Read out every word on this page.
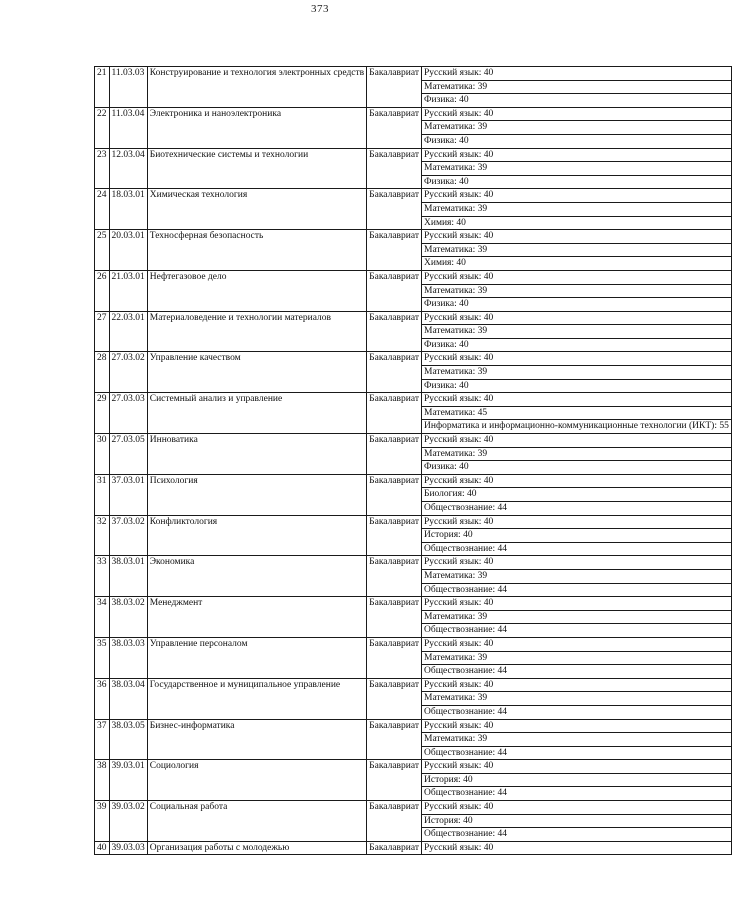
373
21	11.03.03	Конструирование и технология электронных средств	Бакалавриат	Русский язык: 40
				Математика: 39
				Физика: 40
22	11.03.04	Электроника и наноэлектроника	Бакалавриат	Русский язык: 40
				Математика: 39
				Физика: 40
23	12.03.04	Биотехнические системы и технологии	Бакалавриат	Русский язык: 40
				Математика: 39
				Физика: 40
24	18.03.01	Химическая технология	Бакалавриат	Русский язык: 40
				Математика: 39
				Химия: 40
25	20.03.01	Техносферная безопасность	Бакалавриат	Русский язык: 40
				Математика: 39
				Химия: 40
26	21.03.01	Нефтегазовое дело	Бакалавриат	Русский язык: 40
				Математика: 39
				Физика: 40
27	22.03.01	Материаловедение и технологии материалов	Бакалавриат	Русский язык: 40
				Математика: 39
				Физика: 40
28	27.03.02	Управление качеством	Бакалавриат	Русский язык: 40
				Математика: 39
				Физика: 40
29	27.03.03	Системный анализ и управление	Бакалавриат	Русский язык: 40
				Математика: 45
				Информатика и информационно-коммуникационные технологии (ИКТ): 55
30	27.03.05	Инноватика	Бакалавриат	Русский язык: 40
				Математика: 39
				Физика: 40
31	37.03.01	Психология	Бакалавриат	Русский язык: 40
				Биология: 40
				Обществознание: 44
32	37.03.02	Конфликтология	Бакалавриат	Русский язык: 40
				История: 40
				Обществознание: 44
33	38.03.01	Экономика	Бакалавриат	Русский язык: 40
				Математика: 39
				Обществознание: 44
34	38.03.02	Менеджмент	Бакалавриат	Русский язык: 40
				Математика: 39
				Обществознание: 44
35	38.03.03	Управление персоналом	Бакалавриат	Русский язык: 40
				Математика: 39
				Обществознание: 44
36	38.03.04	Государственное и муниципальное управление	Бакалавриат	Русский язык: 40
				Математика: 39
				Обществознание: 44
37	38.03.05	Бизнес-информатика	Бакалавриат	Русский язык: 40
				Математика: 39
				Обществознание: 44
38	39.03.01	Социология	Бакалавриат	Русский язык: 40
				История: 40
				Обществознание: 44
39	39.03.02	Социальная работа	Бакалавриат	Русский язык: 40
				История: 40
				Обществознание: 44
40	39.03.03	Организация работы с молодежью	Бакалавриат	Русский язык: 40
